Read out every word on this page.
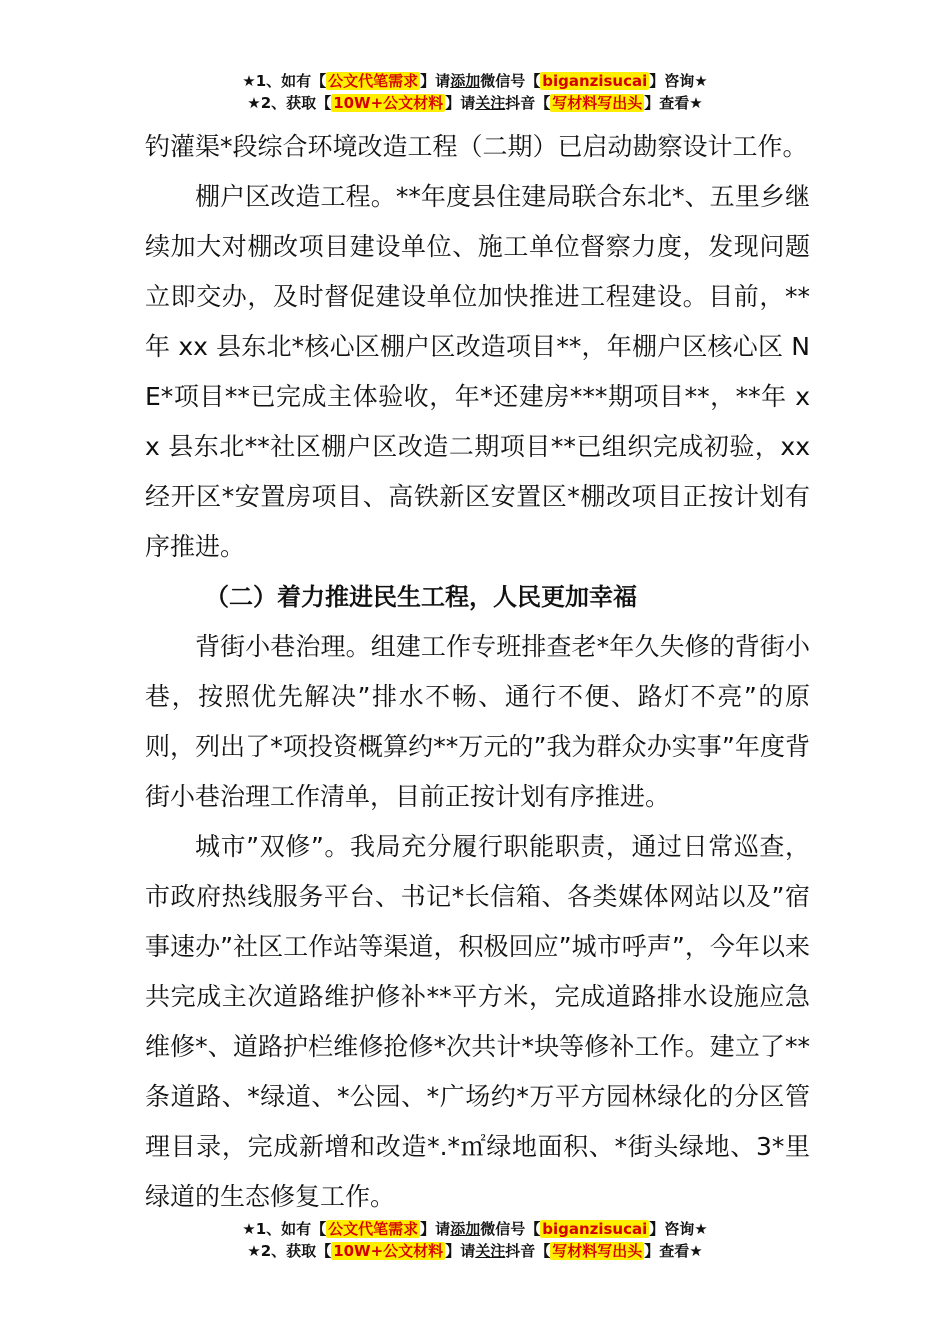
★1、如有【 公文代笔需求 】请添加微信号【 biganzisucai 】咨询★
★2、获取【 10W+公文材料 】请关注抖音【 写材料写出头 】查看★

钓灌渠*段综合环境改造工程（二期）已启动勘察设计工作。

棚户区改造工程。**年度县住建局联合东北*、五里乡继续加大对棚改项目建设单位、施工单位督察力度，发现问题立即交办，及时督促建设单位加快推进工程建设。目前，**年 xx 县东北*核心区棚户区改造项目**，年棚户区核心区 NE*项目**已完成主体验收，年*还建房***期项目**，**年 xx 县东北**社区棚户区改造二期项目**已组织完成初验，xx 经开区*安置房项目、高铁新区安置区*棚改项目正按计划有序推进。

（二）着力推进民生工程，人民更加幸福

背街小巷治理。组建工作专班排查老*年久失修的背街小巷，按照优先解决”排水不畅、通行不便、路灯不亮”的原则，列出了*项投资概算约**万元的”我为群众办实事”年度背街小巷治理工作清单，目前正按计划有序推进。

城市”双修”。我局充分履行职能职责，通过日常巡查，市政府热线服务平台、书记*长信箱、各类媒体网站以及”宿事速办”社区工作站等渠道，积极回应”城市呼声”，今年以来共完成主次道路维护修补**平方米，完成道路排水设施应急维修*、道路护栏维修抢修*次共计*块等修补工作。建立了**条道路、*绿道、*公园、*广场约*万平方园林绿化的分区管理目录，完成新增和改造*.*㎡绿地面积、*街头绿地、3*里绿道的生态修复工作。

★1、如有【 公文代笔需求 】请添加微信号【 biganzisucai 】咨询★
★2、获取【 10W+公文材料 】请关注抖音【 写材料写出头 】查看★
